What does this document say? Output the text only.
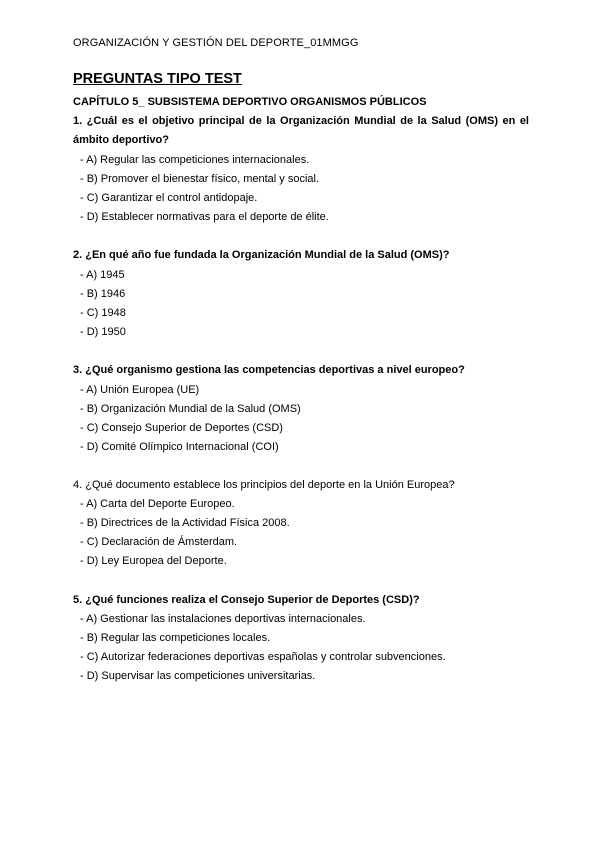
ORGANIZACIÓN Y GESTIÓN DEL DEPORTE_01MMGG
PREGUNTAS TIPO TEST
CAPÍTULO 5_ SUBSISTEMA DEPORTIVO ORGANISMOS PÚBLICOS
1. ¿Cuál es el objetivo principal de la Organización Mundial de la Salud (OMS) en el ámbito deportivo?
- A) Regular las competiciones internacionales.
- B) Promover el bienestar físico, mental y social.
- C) Garantizar el control antidopaje.
- D) Establecer normativas para el deporte de élite.
2. ¿En qué año fue fundada la Organización Mundial de la Salud (OMS)?
- A) 1945
- B) 1946
- C) 1948
- D) 1950
3. ¿Qué organismo gestiona las competencias deportivas a nivel europeo?
- A) Unión Europea (UE)
- B) Organización Mundial de la Salud (OMS)
- C) Consejo Superior de Deportes (CSD)
- D) Comité Olímpico Internacional (COI)
4. ¿Qué documento establece los principios del deporte en la Unión Europea?
- A) Carta del Deporte Europeo.
- B) Directrices de la Actividad Física 2008.
- C) Declaración de Ámsterdam.
- D) Ley Europea del Deporte.
5. ¿Qué funciones realiza el Consejo Superior de Deportes (CSD)?
- A) Gestionar las instalaciones deportivas internacionales.
- B) Regular las competiciones locales.
- C) Autorizar federaciones deportivas españolas y controlar subvenciones.
- D) Supervisar las competiciones universitarias.
